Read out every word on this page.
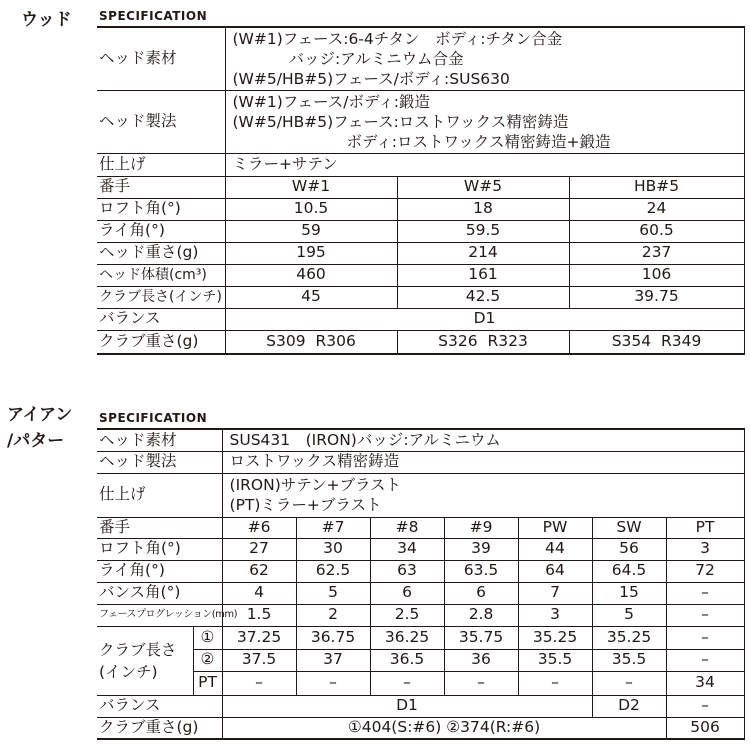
ウッド SPECIFICATION
ヘッド素材	(W#1)フェース:6-4チタン　ボディ:チタン合金
バッジ:アルミニウム合金
(W#5/HB#5)フェース/ボディ:SUS630		

ヘッド製法	(W#1)フェース/ボディ:鍛造
(W#5/HB#5)フェース:ロストワックス精密鋳造
ボディ:ロストワックス精密鋳造+鍛造		

仕上げ	ミラー+サテン		
番手	W#1	W#5	HB#5
ロフト角(°)	10.5	18	24
ライ角(°)	59	59.5	60.5
ヘッド重さ(g)	195	214	237
ヘッド体積(cm³)	460	161	106
クラブ長さ(インチ)	45	42.5	39.75
バランス	D1		
クラブ重さ(g)	S309  R306	S326  R323	S354  R349
アイアン
/パター
SPECIFICATION
ヘッド素材		SUS431　(IRON)バッジ:アルミニウム						
ヘッド製法		ロストワックス精密鋳造						
仕上げ		(IRON)サテン+ブラスト
(PT)ミラー+ブラスト						

番手		#6	#7	#8	#9	PW	SW	PT
ロフト角(°)		27	30	34	39	44	56	3
ライ角(°)		62	62.5	63	63.5	64	64.5	72
バンス角(°)		4	5	6	6	7	15	–
フェースプログレッション(mm)		1.5	2	2.5	2.8	3	5	–

クラブ長さ
(インチ)	①	37.25	36.75	36.25	35.75	35.25	35.25	–
	②	37.5	37	36.5	36	35.5	35.5	–
	PT	–	–	–	–	–	–	34
バランス		D1					D2	–
クラブ重さ(g)		①404(S:#6) ②374(R:#6)						506
